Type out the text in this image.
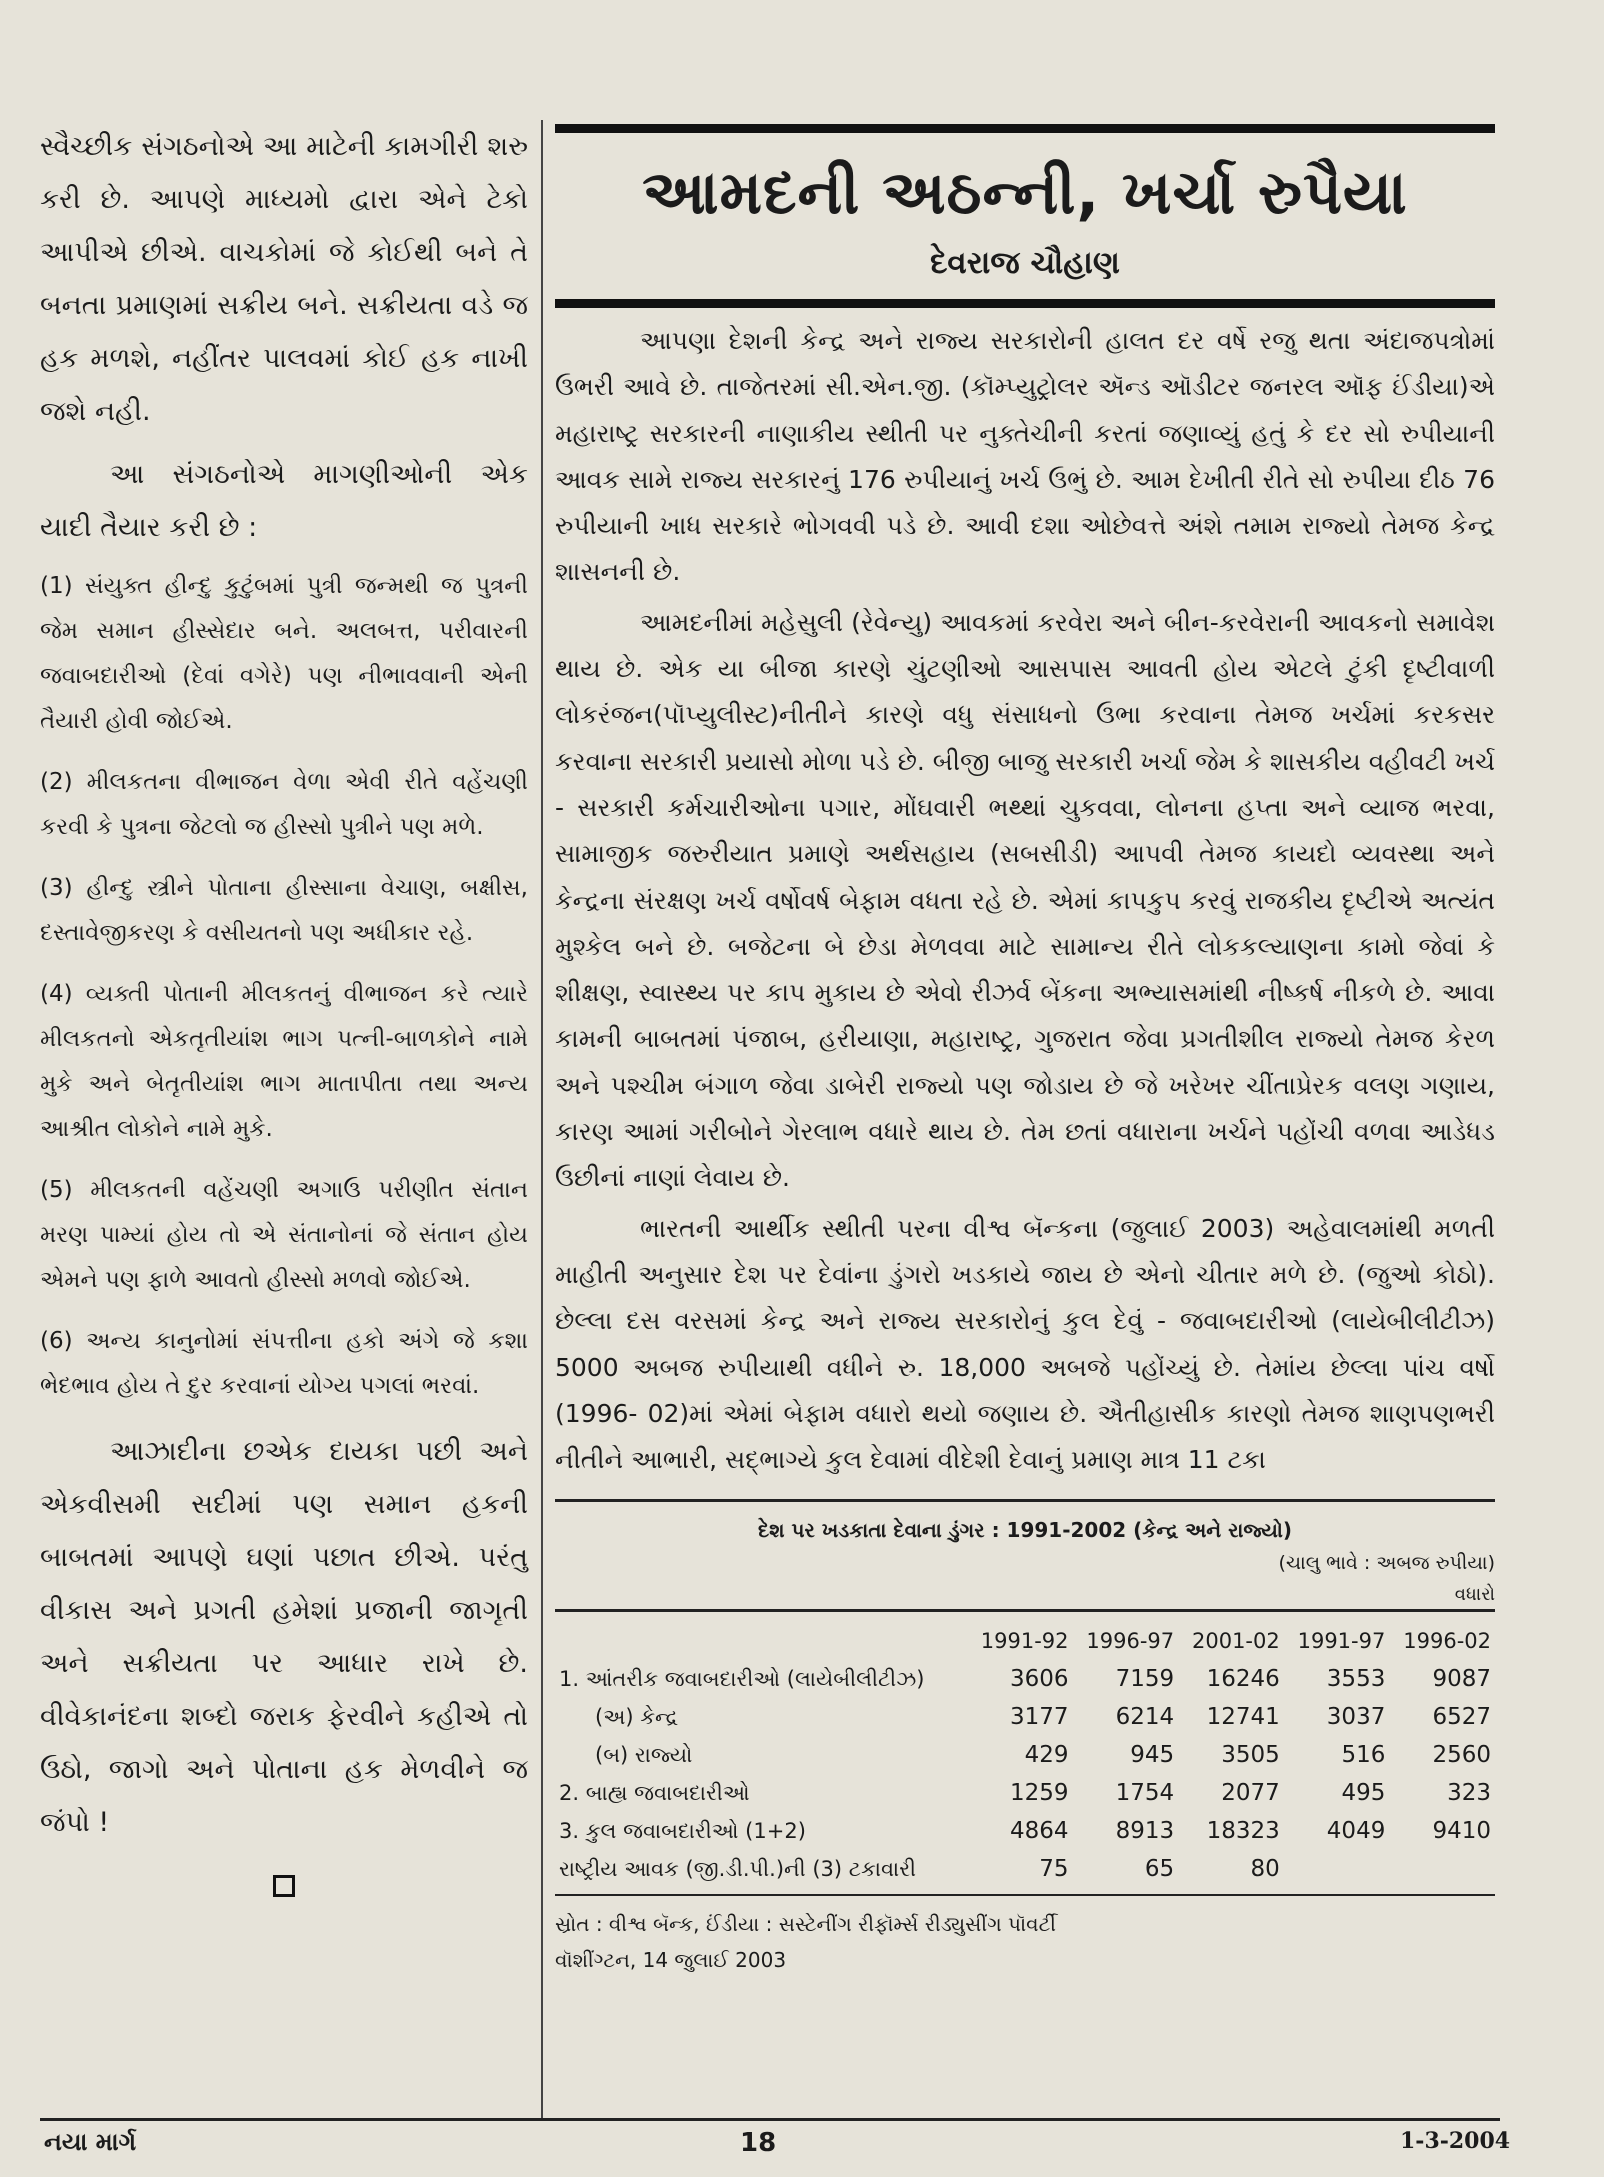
સ્વૈચ્છીક સંગઠનોએ આ માટેની કામગીરી શરુ કરી છે. આપણે માધ્યમો દ્વારા એને ટેકો આપીએ છીએ. વાચકોમાં જે કોઈથી બને તે બનતા પ્રમાણમાં સક્રીય બને. સક્રીયતા વડે જ હક મળશે, નહીંતર પાલવમાં કોઈ હક નાખી જશે નહી.

આ સંગઠનોએ માગણીઓની એક યાદી તૈયાર કરી છે :

(1) સંયુક્ત હીન્દુ કુટુંબમાં પુત્રી જન્મથી જ પુત્રની જેમ સમાન હીસ્સેદાર બને. અલબત્ત, પરીવારની જવાબદારીઓ (દેવાં વગેરે) પણ નીભાવવાની એની તૈયારી હોવી જોઈએ.

(2) મીલકતના વીભાજન વેળા એવી રીતે વહેંચણી કરવી કે પુત્રના જેટલો જ હીસ્સો પુત્રીને પણ મળે.

(3) હીન્દુ સ્ત્રીને પોતાના હીસ્સાના વેચાણ, બક્ષીસ, દસ્તાવેજીકરણ કે વસીયતનો પણ અધીકાર રહે.

(4) વ્યક્તી પોતાની મીલકતનું વીભાજન કરે ત્યારે મીલકતનો એકતૃતીયાંશ ભાગ પત્ની-બાળકોને નામે મુકે અને બેતૃતીયાંશ ભાગ માતાપીતા તથા અન્ય આશ્રીત લોકોને નામે મુકે.

(5) મીલકતની વહેંચણી અગાઉ પરીણીત સંતાન મરણ પામ્યાં હોય તો એ સંતાનોનાં જે સંતાન હોય એમને પણ ફાળે આવતો હીસ્સો મળવો જોઈએ.

(6) અન્ય કાનુનોમાં સંપત્તીના હકો અંગે જે કશા ભેદભાવ હોય તે દુર કરવાનાં યોગ્ય પગલાં ભરવાં.

આઝાદીના છએક દાયકા પછી અને એકવીસમી સદીમાં પણ સમાન હકની બાબતમાં આપણે ઘણાં પછાત છીએ. પરંતુ વીકાસ અને પ્રગતી હમેશાં પ્રજાની જાગૃતી અને સક્રીયતા પર આધાર રાખે છે. વીવેકાનંદના શબ્દો જરાક ફેરવીને કહીએ તો ઉઠો, જાગો અને પોતાના હક મેળવીને જ જંપો !

આમદની અઠન્ની, ખર્ચા રુપૈયા
દેવરાજ ચૌહાણ

આપણા દેશની કેન્દ્ર અને રાજ્ય સરકારોની હાલત દર વર્ષે રજુ થતા અંદાજપત્રોમાં ઉભરી આવે છે. તાજેતરમાં સી.એન.જી. (કૉમ્પ્યુટ્રોલર ઍન્ડ ઑડીટર જનરલ ઑફ ઈંડીયા)એ મહારાષ્ટ્ર સરકારની નાણાકીય સ્થીતી પર નુક્તેચીની કરતાં જણાવ્યું હતું કે દર સો રુપીયાની આવક સામે રાજ્ય સરકારનું 176 રુપીયાનું ખર્ચ ઉભું છે. આમ દેખીતી રીતે સો રુપીયા દીઠ 76 રુપીયાની ખાધ સરકારે ભોગવવી પડે છે. આવી દશા ઓછેવત્તે અંશે તમામ રાજ્યો તેમજ કેન્દ્ર શાસનની છે.

આમદનીમાં મહેસુલી (રેવેન્યુ) આવકમાં કરવેરા અને બીન-કરવેરાની આવકનો સમાવેશ થાય છે. એક યા બીજા કારણે ચુંટણીઓ આસપાસ આવતી હોય એટલે ટુંકી દૃષ્ટીવાળી લોકરંજન(પૉપ્યુલીસ્ટ)નીતીને કારણે વધુ સંસાધનો ઉભા કરવાના તેમજ ખર્ચમાં કરકસર કરવાના સરકારી પ્રયાસો મોળા પડે છે. બીજી બાજુ સરકારી ખર્ચા જેમ કે શાસકીય વહીવટી ખર્ચ - સરકારી કર્મચારીઓના પગાર, મોંઘવારી ભથ્થાં ચુકવવા, લોનના હપ્તા અને વ્યાજ ભરવા, સામાજીક જરુરીયાત પ્રમાણે અર્થસહાય (સબસીડી) આપવી તેમજ કાયદો વ્યવસ્થા અને કેન્દ્રના સંરક્ષણ ખર્ચ વર્ષોવર્ષ બેફામ વધતા રહે છે. એમાં કાપકુપ કરવું રાજકીય દૃષ્ટીએ અત્યંત મુશ્કેલ બને છે. બજેટના બે છેડા મેળવવા માટે સામાન્ય રીતે લોકકલ્યાણના કામો જેવાં કે શીક્ષણ, સ્વાસ્થ્ય પર કાપ મુકાય છે એવો રીઝર્વ બેંકના અભ્યાસમાંથી નીષ્કર્ષ નીકળે છે. આવા કામની બાબતમાં પંજાબ, હરીયાણા, મહારાષ્ટ્ર, ગુજરાત જેવા પ્રગતીશીલ રાજ્યો તેમજ કેરળ અને પશ્ચીમ બંગાળ જેવા ડાબેરી રાજ્યો પણ જોડાય છે જે ખરેખર ચીંતાપ્રેરક વલણ ગણાય, કારણ આમાં ગરીબોને ગેરલાભ વધારે થાય છે. તેમ છતાં વધારાના ખર્ચને પહોંચી વળવા આડેધડ ઉછીનાં નાણાં લેવાય છે.

ભારતની આર્થીક સ્થીતી પરના વીશ્વ બૅન્કના (જુલાઈ 2003) અહેવાલમાંથી મળતી માહીતી અનુસાર દેશ પર દેવાંના ડુંગરો ખડકાયે જાય છે એનો ચીતાર મળે છે. (જુઓ કોઠો). છેલ્લા દસ વરસમાં કેન્દ્ર અને રાજ્ય સરકારોનું કુલ દેવું - જવાબદારીઓ (લાયેબીલીટીઝ) 5000 અબજ રુપીયાથી વધીને રુ. 18,000 અબજે પહોંચ્યું છે. તેમાંય છેલ્લા પાંચ વર્ષો (1996- 02)માં એમાં બેફામ વધારો થયો જણાય છે. ઐતીહાસીક કારણો તેમજ શાણપણભરી નીતીને આભારી, સદ્ભાગ્યે કુલ દેવામાં વીદેશી દેવાનું પ્રમાણ માત્ર 11 ટકા

દેશ પર ખડકાતા દેવાના ડુંગર : 1991-2002 (કેન્દ્ર અને રાજ્યો)
(ચાલુ ભાવે : અબજ રુપીયા)
વધારો
	1991-92	1996-97	2001-02	1991-97	1996-02
1. આંતરીક જવાબદારીઓ (લાયેબીલીટીઝ)	3606	7159	16246	3553	9087
(અ) કેન્દ્ર	3177	6214	12741	3037	6527
(બ) રાજ્યો	429	945	3505	516	2560
2. બાહ્ય જવાબદારીઓ	1259	1754	2077	495	323
3. કુલ જવાબદારીઓ (1+2)	4864	8913	18323	4049	9410
રાષ્ટ્રીય આવક (જી.ડી.પી.)ની (3) ટકાવારી	75	65	80		
સ્રોત : વીશ્વ બૅન્ક, ઈંડીયા : સસ્ટેનીંગ રીફૉર્મ્સ રીડ્યુસીંગ પૉવર્ટી
વૉશીંગ્ટન, 14 જુલાઈ 2003
નયા માર્ગ	18	1-3-2004
